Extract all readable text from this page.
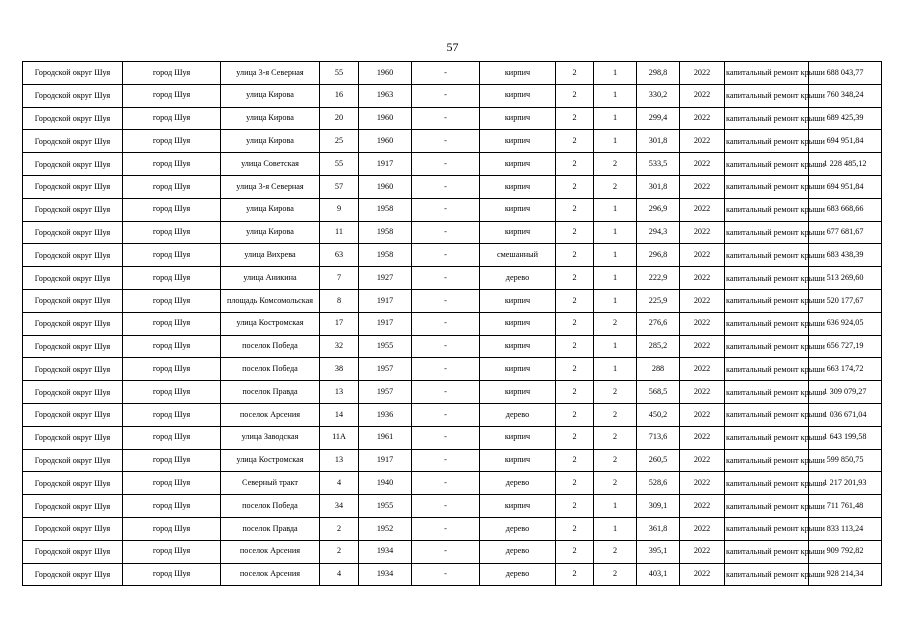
57
Городской округ Шуя	город Шуя	улица 3-я Северная	55	1960	-	кирпич	2	1	298,8	2022	капитальный ремонт крыши	688 043,77
Городской округ Шуя	город Шуя	улица Кирова	16	1963	-	кирпич	2	1	330,2	2022	капитальный ремонт крыши	760 348,24
Городской округ Шуя	город Шуя	улица Кирова	20	1960	-	кирпич	2	1	299,4	2022	капитальный ремонт крыши	689 425,39
Городской округ Шуя	город Шуя	улица Кирова	25	1960	-	кирпич	2	1	301,8	2022	капитальный ремонт крыши	694 951,84
Городской округ Шуя	город Шуя	улица Советская	55	1917	-	кирпич	2	2	533,5	2022	капитальный ремонт крыши	1 228 485,12
Городской округ Шуя	город Шуя	улица 3-я Северная	57	1960	-	кирпич	2	2	301,8	2022	капитальный ремонт крыши	694 951,84
Городской округ Шуя	город Шуя	улица Кирова	9	1958	-	кирпич	2	1	296,9	2022	капитальный ремонт крыши	683 668,66
Городской округ Шуя	город Шуя	улица Кирова	11	1958	-	кирпич	2	1	294,3	2022	капитальный ремонт крыши	677 681,67
Городской округ Шуя	город Шуя	улица Вихрева	63	1958	-	смешанный	2	1	296,8	2022	капитальный ремонт крыши	683 438,39
Городской округ Шуя	город Шуя	улица Аникина	7	1927	-	дерево	2	1	222,9	2022	капитальный ремонт крыши	513 269,60
Городской округ Шуя	город Шуя	площадь Комсомольская	8	1917	-	кирпич	2	1	225,9	2022	капитальный ремонт крыши	520 177,67
Городской округ Шуя	город Шуя	улица Костромская	17	1917	-	кирпич	2	2	276,6	2022	капитальный ремонт крыши	636 924,05
Городской округ Шуя	город Шуя	поселок Победа	32	1955	-	кирпич	2	1	285,2	2022	капитальный ремонт крыши	656 727,19
Городской округ Шуя	город Шуя	поселок Победа	38	1957	-	кирпич	2	1	288	2022	капитальный ремонт крыши	663 174,72
Городской округ Шуя	город Шуя	поселок Правда	13	1957	-	кирпич	2	2	568,5	2022	капитальный ремонт крыши	1 309 079,27
Городской округ Шуя	город Шуя	поселок Арсения	14	1936	-	дерево	2	2	450,2	2022	капитальный ремонт крыши	1 036 671,04
Городской округ Шуя	город Шуя	улица Заводская	11А	1961	-	кирпич	2	2	713,6	2022	капитальный ремонт крыши	1 643 199,58
Городской округ Шуя	город Шуя	улица Костромская	13	1917	-	кирпич	2	2	260,5	2022	капитальный ремонт крыши	599 850,75
Городской округ Шуя	город Шуя	Северный тракт	4	1940	-	дерево	2	2	528,6	2022	капитальный ремонт крыши	1 217 201,93
Городской округ Шуя	город Шуя	поселок Победа	34	1955	-	кирпич	2	1	309,1	2022	капитальный ремонт крыши	711 761,48
Городской округ Шуя	город Шуя	поселок Правда	2	1952	-	дерево	2	1	361,8	2022	капитальный ремонт крыши	833 113,24
Городской округ Шуя	город Шуя	поселок Арсения	2	1934	-	дерево	2	2	395,1	2022	капитальный ремонт крыши	909 792,82
Городской округ Шуя	город Шуя	поселок Арсения	4	1934	-	дерево	2	2	403,1	2022	капитальный ремонт крыши	928 214,34
